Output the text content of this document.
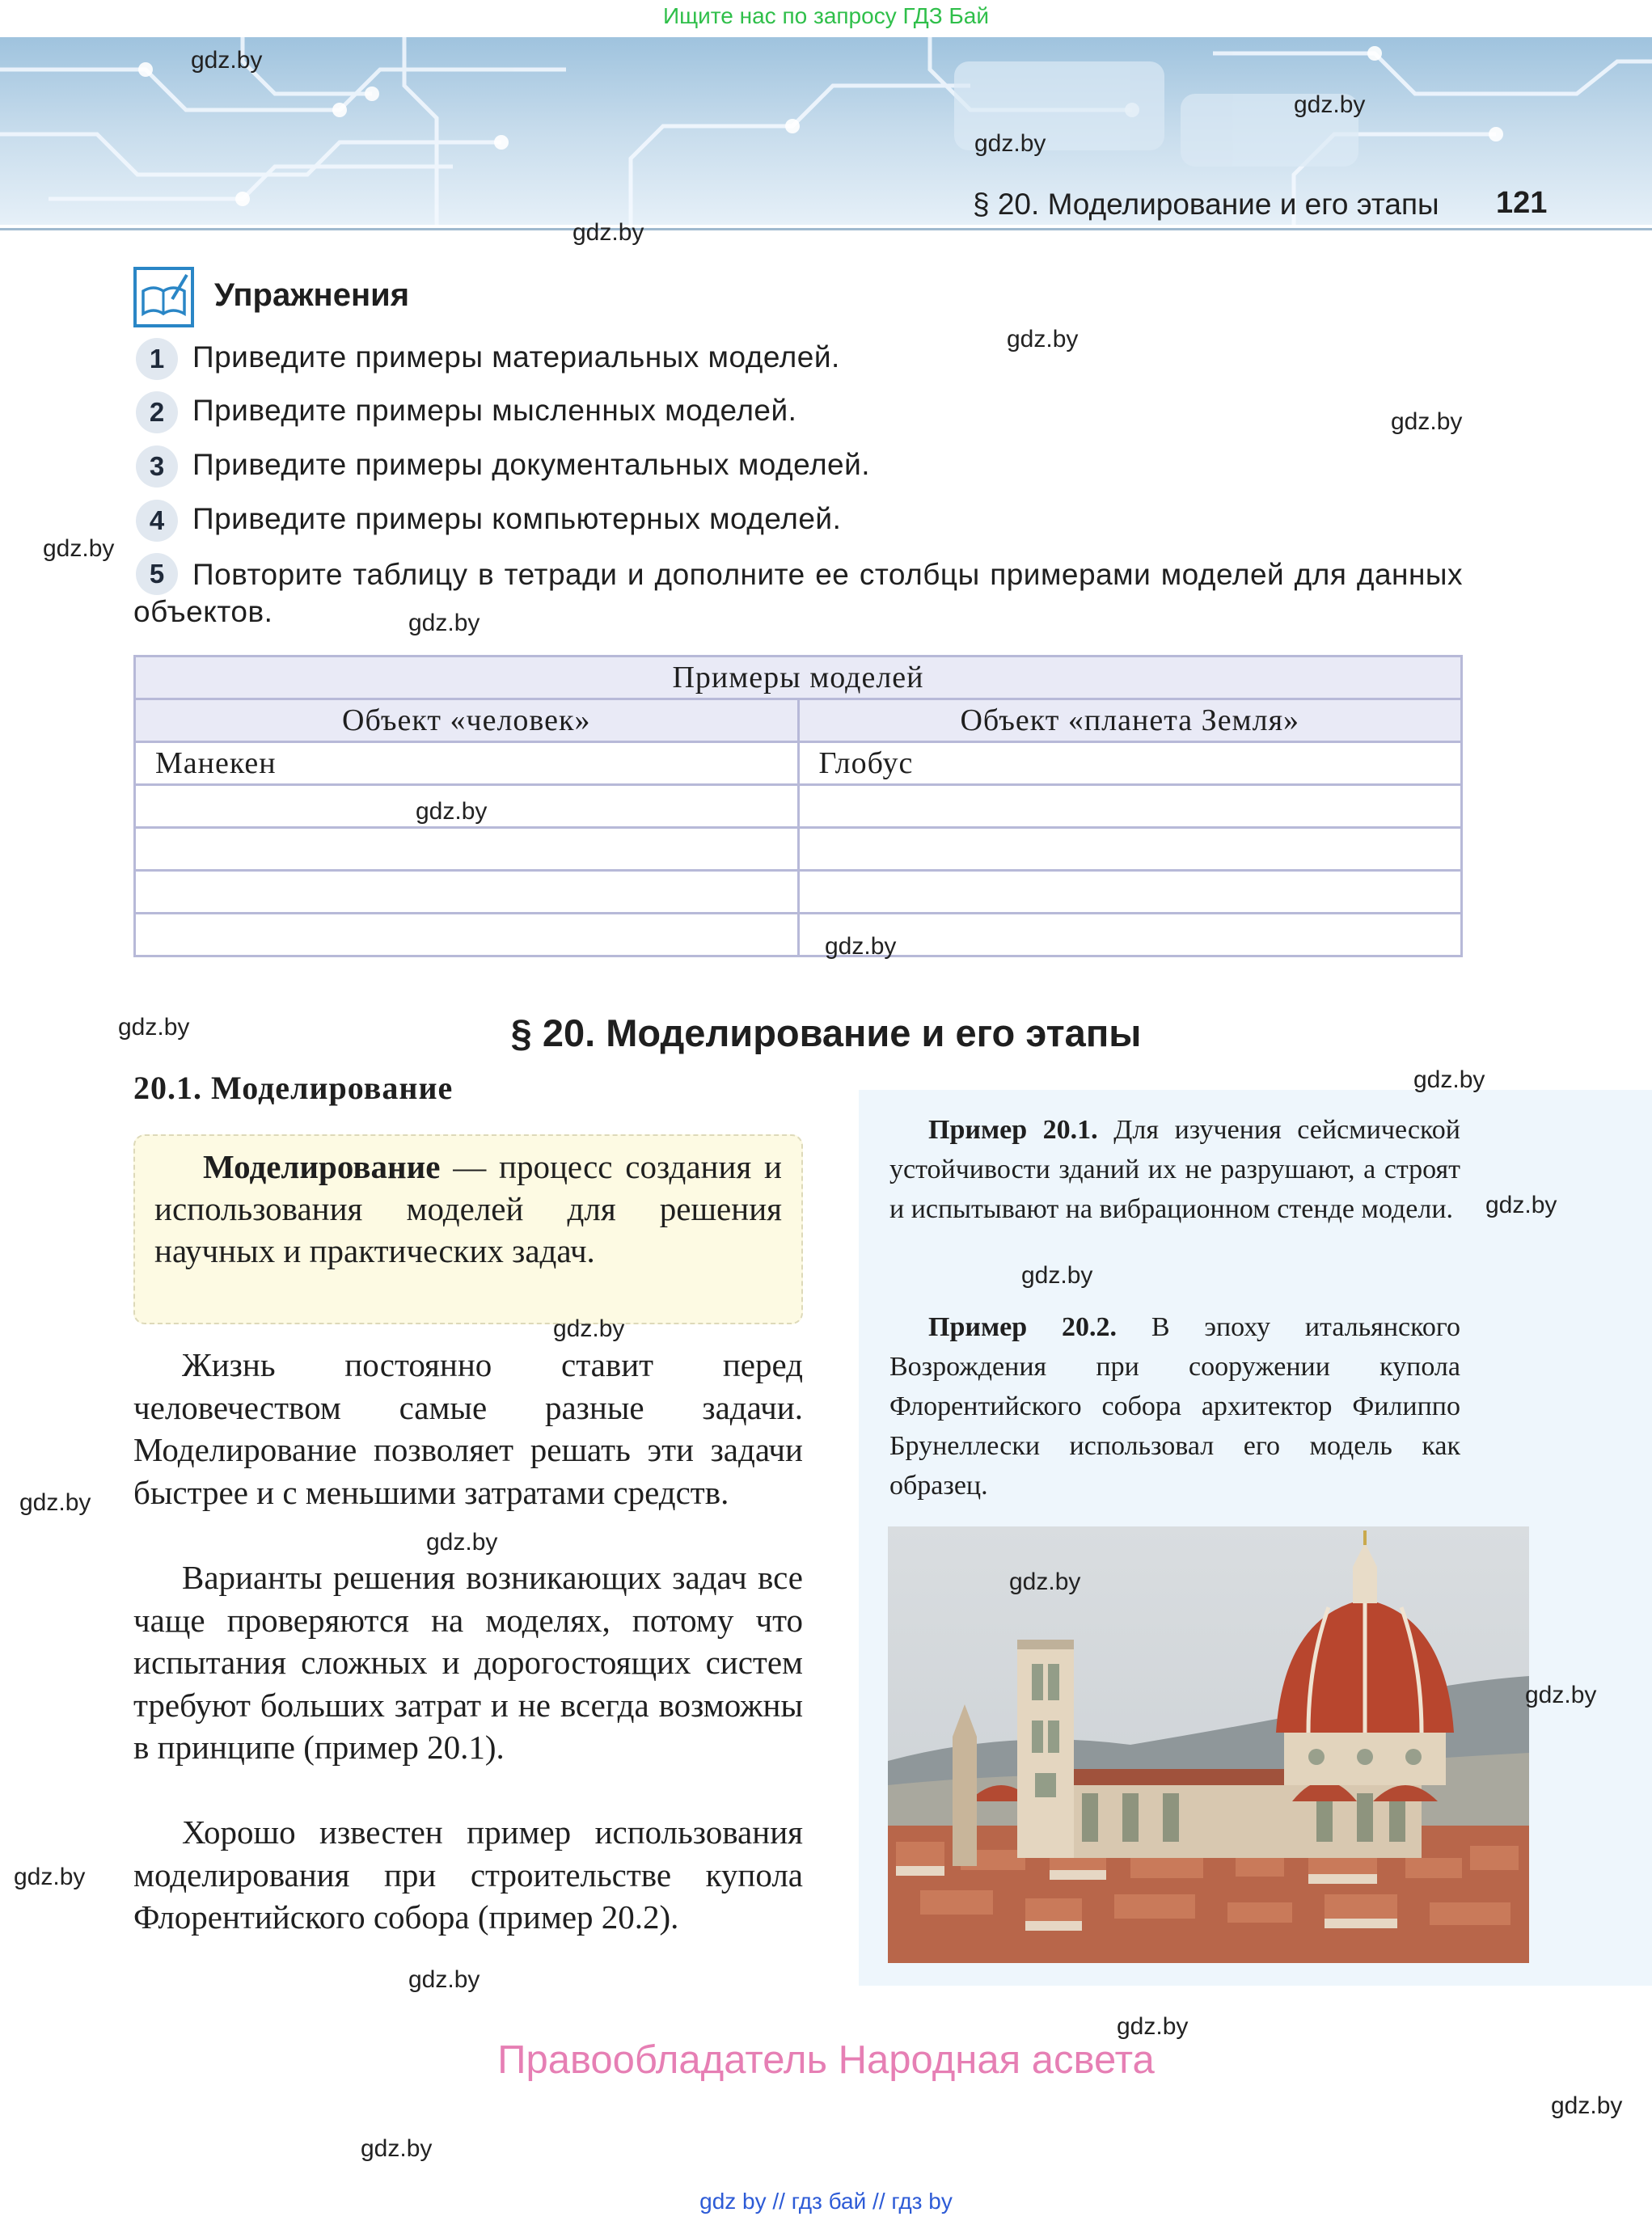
Ищите нас по запросу ГДЗ Бай
§ 20. Моделирование и его этапы 121
Упражнения
1 Приведите примеры материальных моделей.
2 Приведите примеры мысленных моделей.
3 Приведите примеры документальных моделей.
4 Приведите примеры компьютерных моделей.
5 Повторите таблицу в тетради и дополните ее столбцы примерами моделей для данных объектов.
Примеры моделей	
Объект «человек»	Объект «планета Земля»
Манекен	Глобус

§ 20. Моделирование и его этапы
20.1. Моделирование
Моделирование — процесс создания и использования моделей для решения научных и практических задач.

Жизнь постоянно ставит перед человечеством самые разные задачи. Моделирование позволяет решать эти задачи быстрее и с меньшими затратами средств.

Варианты решения возникающих задач все чаще проверяются на моделях, потому что испытания сложных и дорогостоящих систем требуют больших затрат и не всегда возможны в принципе (пример 20.1).

Хорошо известен пример использования моделирования при строительстве купола Флорентийского собора (пример 20.2).

Пример 20.1. Для изучения сейсмической устойчивости зданий их не разрушают, а строят и испытывают на вибрационном стенде модели.

Пример 20.2. В эпоху итальянского Возрождения при сооружении купола Флорентийского собора архитектор Филиппо Брунеллески использовал его модель как образец.

Правообладатель Народная асвета
gdz by // гдз бай // гдз by
gdz.by
gdz.by
gdz.by
gdz.by
gdz.by
gdz.by
gdz.by
gdz.by
gdz.by
gdz.by
gdz.by
gdz.by
gdz.by
gdz.by
gdz.by
gdz.by
gdz.by
gdz.by
gdz.by
gdz.by
gdz.by
gdz.by
gdz.by
gdz.by
